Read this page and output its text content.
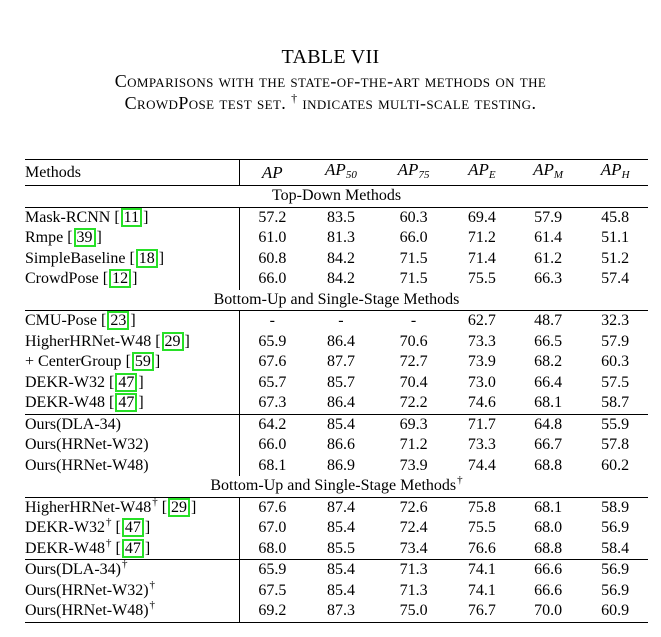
TABLE VII
Comparisons with the state-of-the-art methods on the
CrowdPose test set. † indicates multi-scale testing.
Methods	AP	$AP_{50}$	$AP_{75}$	$AP_E$	$AP_M$	$AP_H$
Top-Down Methods						
Mask-RCNN [ 11 ]	57.2	83.5	60.3	69.4	57.9	45.8
Rmpe [ 39 ]	61.0	81.3	66.0	71.2	61.4	51.1
SimpleBaseline [ 18 ]	60.8	84.2	71.5	71.4	61.2	51.2
CrowdPose [ 12 ]	66.0	84.2	71.5	75.5	66.3	57.4
Bottom-Up and Single-Stage Methods						
CMU-Pose [ 23 ]	-	-	-	62.7	48.7	32.3
HigherHRNet-W48 [ 29 ]	65.9	86.4	70.6	73.3	66.5	57.9
+ CenterGroup [ 59 ]	67.6	87.7	72.7	73.9	68.2	60.3
DEKR-W32 [ 47 ]	65.7	85.7	70.4	73.0	66.4	57.5
DEKR-W48 [ 47 ]	67.3	86.4	72.2	74.6	68.1	58.7
Ours(DLA-34)	64.2	85.4	69.3	71.7	64.8	55.9
Ours(HRNet-W32)	66.0	86.6	71.2	73.3	66.7	57.8
Ours(HRNet-W48)	68.1	86.9	73.9	74.4	68.8	60.2
Bottom-Up and Single-Stage Methods†
HigherHRNet-W48† [ 29 ]	67.6	87.4	72.6	75.8	68.1	58.9
DEKR-W32† [ 47 ]	67.0	85.4	72.4	75.5	68.0	56.9
DEKR-W48† [ 47 ]	68.0	85.5	73.4	76.6	68.8	58.4
Ours(DLA-34)†	65.9	85.4	71.3	74.1	66.6	56.9
Ours(HRNet-W32)†	67.5	85.4	71.3	74.1	66.6	56.9
Ours(HRNet-W48)†	69.2	87.3	75.0	76.7	70.0	60.9
